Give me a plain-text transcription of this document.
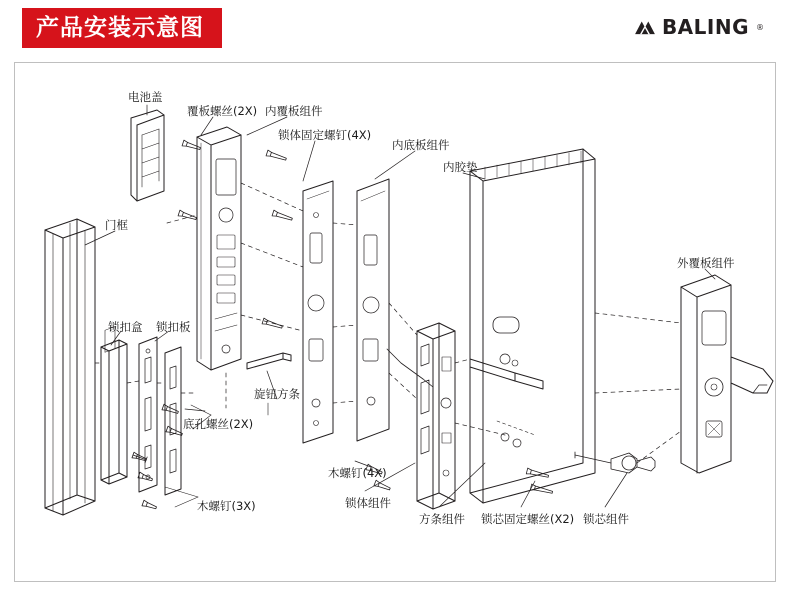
产品安装示意图	BALING ®
电池盖
覆板螺丝(2X) 内覆板组件
锁体固定螺钉(4X)
内底板组件
内胶垫
门框
外覆板组件
锁扣盒 锁扣板
旋钮方条
底孔螺丝(2X)
木螺钉(3X)
木螺钉(4X)
锁体组件
方条组件 锁芯固定螺丝(X2) 锁芯组件
